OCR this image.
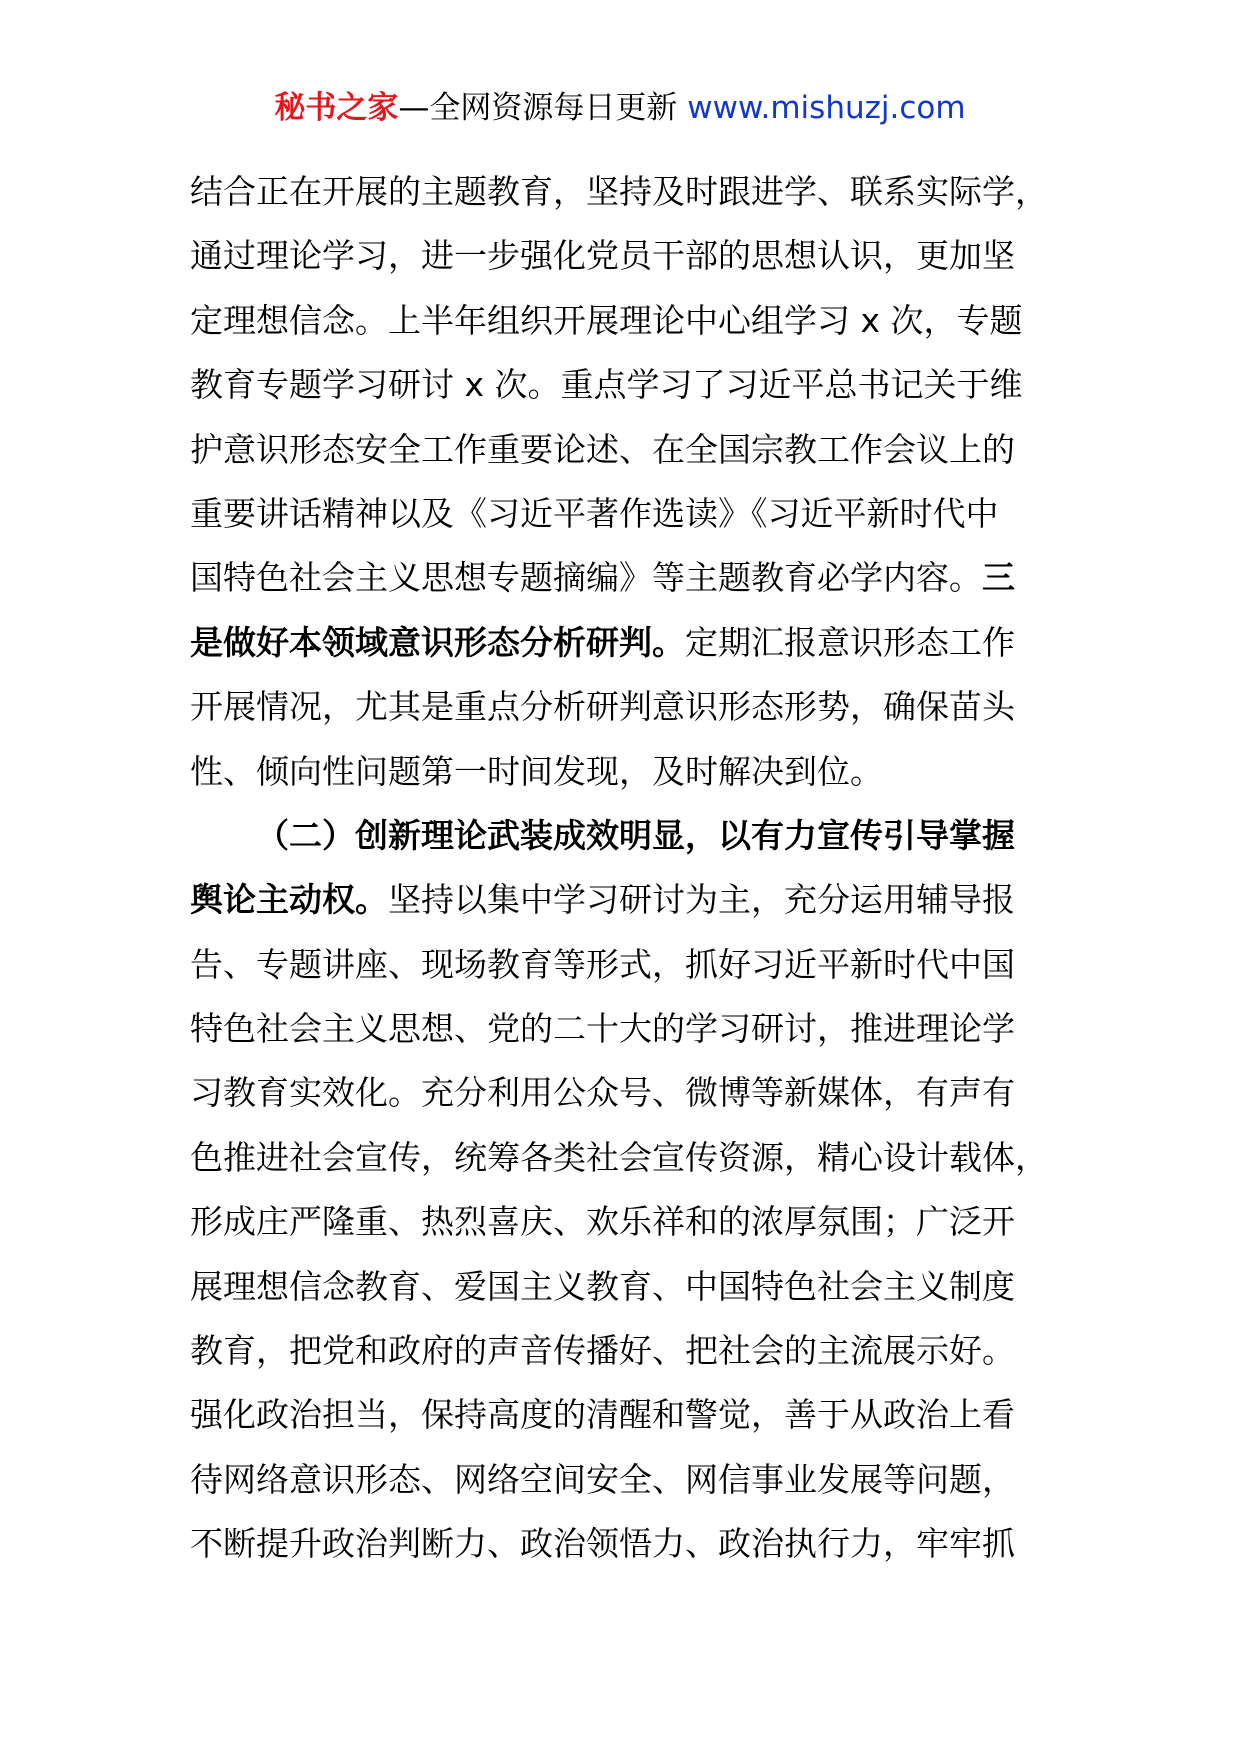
秘书之家—全网资源每日更新 www.mishuzj.com
结合正在开展的主题教育，坚持及时跟进学、联系实际学，
通过理论学习，进一步强化党员干部的思想认识，更加坚
定理想信念。上半年组织开展理论中心组学习 x 次，专题
教育专题学习研讨 x 次。重点学习了习近平总书记关于维
护意识形态安全工作重要论述、在全国宗教工作会议上的
重要讲话精神以及《习近平著作选读》《习近平新时代中
国特色社会主义思想专题摘编》等主题教育必学内容。三
是做好本领域意识形态分析研判。定期汇报意识形态工作
开展情况，尤其是重点分析研判意识形态形势，确保苗头
性、倾向性问题第一时间发现，及时解决到位。
（二）创新理论武装成效明显，以有力宣传引导掌握
舆论主动权。坚持以集中学习研讨为主，充分运用辅导报
告、专题讲座、现场教育等形式，抓好习近平新时代中国
特色社会主义思想、党的二十大的学习研讨，推进理论学
习教育实效化。充分利用公众号、微博等新媒体，有声有
色推进社会宣传，统筹各类社会宣传资源，精心设计载体，
形成庄严隆重、热烈喜庆、欢乐祥和的浓厚氛围；广泛开
展理想信念教育、爱国主义教育、中国特色社会主义制度
教育，把党和政府的声音传播好、把社会的主流展示好。
强化政治担当，保持高度的清醒和警觉，善于从政治上看
待网络意识形态、网络空间安全、网信事业发展等问题，
不断提升政治判断力、政治领悟力、政治执行力，牢牢抓
